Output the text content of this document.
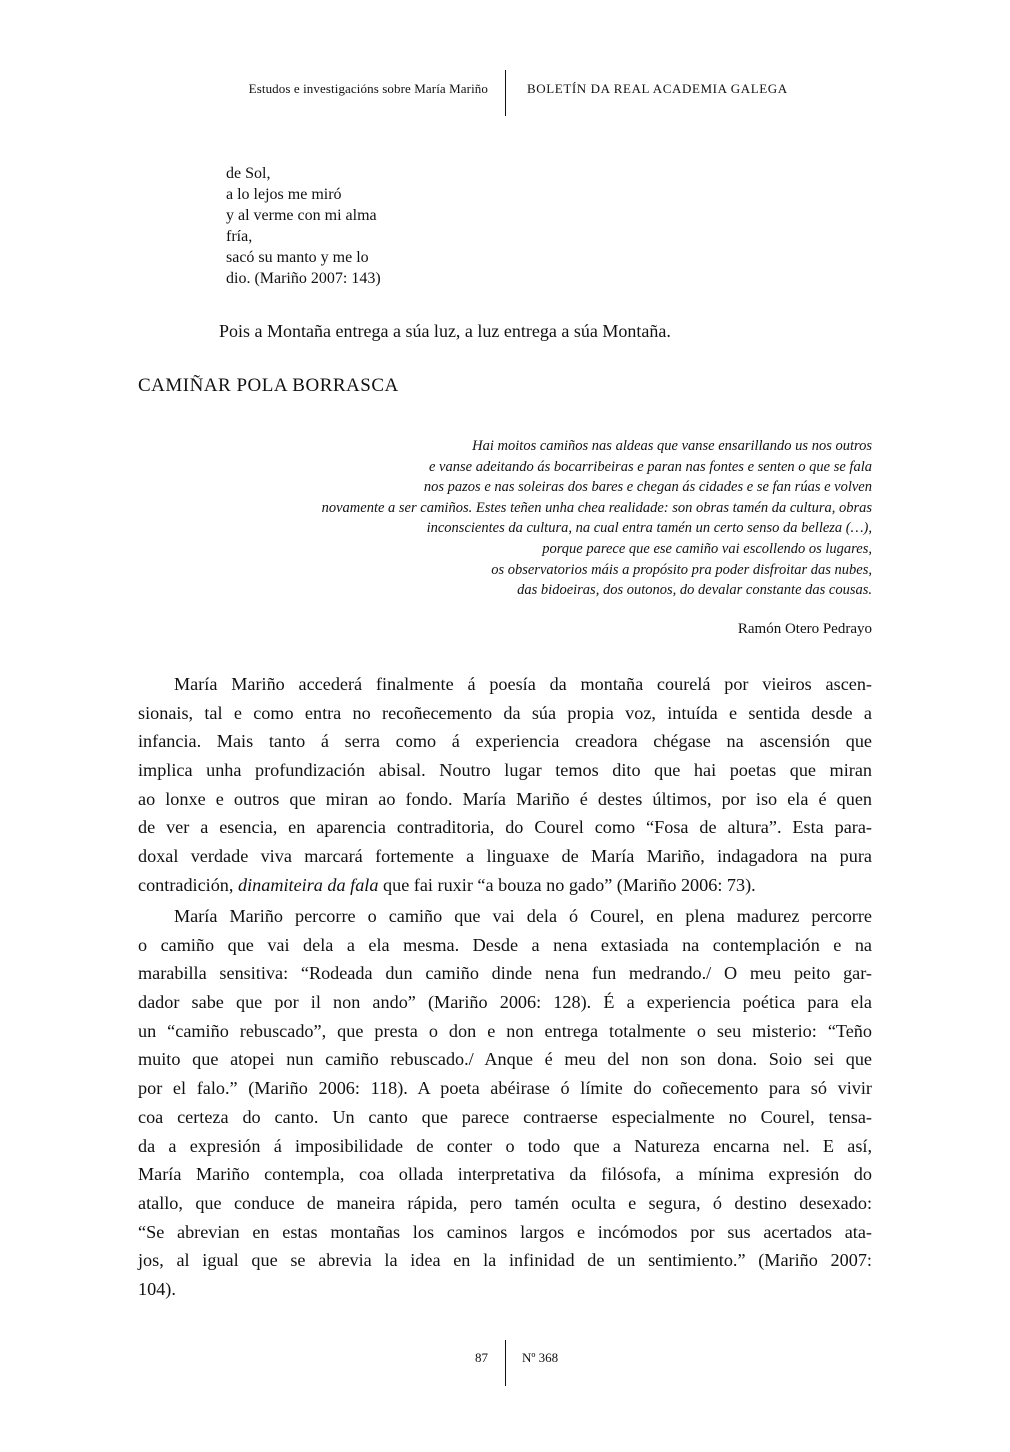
Estudos e investigacións sobre María Mariño	BOLETÍN DA REAL ACADEMIA GALEGA
de Sol,
a lo lejos me miró
y al verme con mi alma
fría,
sacó su manto y me lo
dio. (Mariño 2007: 143)
Pois a Montaña entrega a súa luz, a luz entrega a súa Montaña.
CAMIÑAR POLA BORRASCA
Hai moitos camiños nas aldeas que vanse ensarillando us nos outros
e vanse adeitando ás bocarribeiras e paran nas fontes e senten o que se fala
nos pazos e nas soleiras dos bares e chegan ás cidades e se fan rúas e volven
novamente a ser camiños. Estes teñen unha chea realidade: son obras tamén da cultura, obras
inconscientes da cultura, na cual entra tamén un certo senso da belleza (…),
porque parece que ese camiño vai escollendo os lugares,
os observatorios máis a propósito pra poder disfroitar das nubes,
das bidoeiras, dos outonos, do devalar constante das cousas.
Ramón Otero Pedrayo
María Mariño accederá finalmente á poesía da montaña courelá por vieiros ascen-
sionais, tal e como entra no recoñecemento da súa propia voz, intuída e sentida desde a
infancia. Mais tanto á serra como á experiencia creadora chégase na ascensión que
implica unha profundización abisal. Noutro lugar temos dito que hai poetas que miran
ao lonxe e outros que miran ao fondo. María Mariño é destes últimos, por iso ela é quen
de ver a esencia, en aparencia contraditoria, do Courel como “Fosa de altura”. Esta para-
doxal verdade viva marcará fortemente a linguaxe de María Mariño, indagadora na pura
contradición, dinamiteira da fala que fai ruxir “a bouza no gado” (Mariño 2006: 73).
María Mariño percorre o camiño que vai dela ó Courel, en plena madurez percorre
o camiño que vai dela a ela mesma. Desde a nena extasiada na contemplación e na
marabilla sensitiva: “Rodeada dun camiño dinde nena fun medrando./ O meu peito gar-
dador sabe que por il non ando” (Mariño 2006: 128). É a experiencia poética para ela
un “camiño rebuscado”, que presta o don e non entrega totalmente o seu misterio: “Teño
muito que atopei nun camiño rebuscado./ Anque é meu del non son dona. Soio sei que
por el falo.” (Mariño 2006: 118). A poeta abéirase ó límite do coñecemento para só vivir
coa certeza do canto. Un canto que parece contraerse especialmente no Courel, tensa-
da a expresión á imposibilidade de conter o todo que a Natureza encarna nel. E así,
María Mariño contempla, coa ollada interpretativa da filósofa, a mínima expresión do
atallo, que conduce de maneira rápida, pero tamén oculta e segura, ó destino desexado:
“Se abrevian en estas montañas los caminos largos e incómodos por sus acertados ata-
jos, al igual que se abrevia la idea en la infinidad de un sentimiento.” (Mariño 2007:
104).
87	Nº 368
